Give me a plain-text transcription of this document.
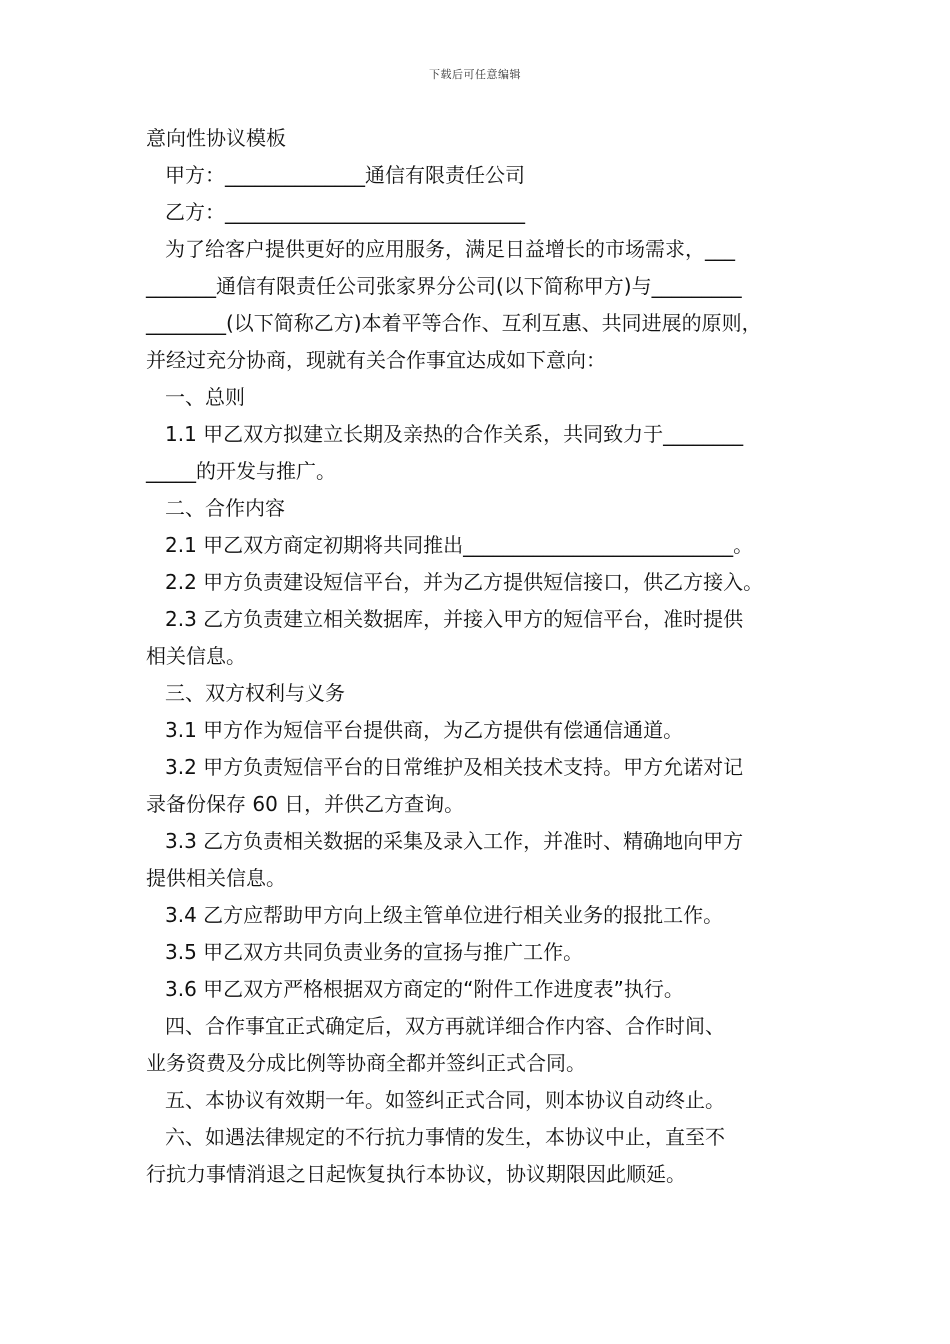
下载后可任意编辑

意向性协议模板

甲方：______________通信有限责任公司

乙方：______________________________

为了给客户提供更好的应用服务，满足日益增长的市场需求，___

_______通信有限责任公司张家界分公司(以下简称甲方)与_________

________(以下简称乙方)本着平等合作、互利互惠、共同进展的原则，

并经过充分协商，现就有关合作事宜达成如下意向：

一、总则

1.1 甲乙双方拟建立长期及亲热的合作关系，共同致力于________

_____的开发与推广。

二、合作内容

2.1 甲乙双方商定初期将共同推出___________________________。

2.2 甲方负责建设短信平台，并为乙方提供短信接口，供乙方接入。

2.3 乙方负责建立相关数据库，并接入甲方的短信平台，准时提供

相关信息。

三、双方权利与义务

3.1 甲方作为短信平台提供商，为乙方提供有偿通信通道。

3.2 甲方负责短信平台的日常维护及相关技术支持。甲方允诺对记

录备份保存 60 日，并供乙方查询。

3.3 乙方负责相关数据的采集及录入工作，并准时、精确地向甲方

提供相关信息。

3.4 乙方应帮助甲方向上级主管单位进行相关业务的报批工作。

3.5 甲乙双方共同负责业务的宣扬与推广工作。

3.6 甲乙双方严格根据双方商定的“附件工作进度表”执行。

四、合作事宜正式确定后，双方再就详细合作内容、合作时间、

业务资费及分成比例等协商全都并签纠正式合同。

五、本协议有效期一年。如签纠正式合同，则本协议自动终止。

六、如遇法律规定的不行抗力事情的发生，本协议中止，直至不

行抗力事情消退之日起恢复执行本协议，协议期限因此顺延。
